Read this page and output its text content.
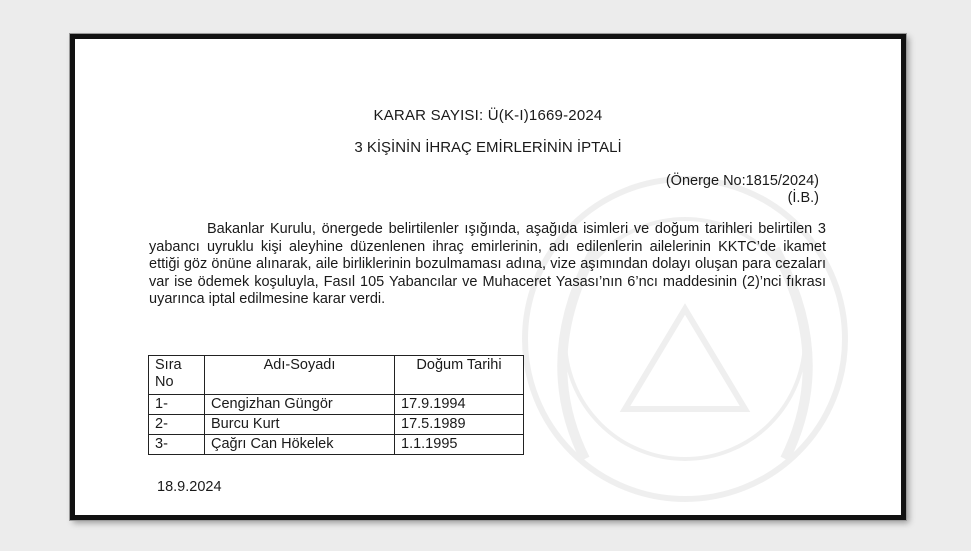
KARAR SAYISI: Ü(K-I)1669-2024
3 KİŞİNİN İHRAÇ EMİRLERİNİN İPTALİ
(Önerge No:1815/2024)
(İ.B.)
Bakanlar Kurulu, önergede belirtilenler ışığında, aşağıda isimleri ve doğum tarihleri belirtilen 3 yabancı uyruklu kişi aleyhine düzenlenen ihraç emirlerinin, adı edilenlerin ailelerinin KKTC’de ikamet ettiği göz önüne alınarak, aile birliklerinin bozulmaması adına, vize aşımından dolayı oluşan para cezaları var ise ödemek koşuluyla, Fasıl 105 Yabancılar ve Muhaceret Yasası’nın 6’ncı maddesinin (2)’nci fıkrası uyarınca iptal edilmesine karar verdi.
Sıra No	Adı-Soyadı	Doğum Tarihi
1-	Cengizhan Güngör	17.9.1994
2-	Burcu Kurt	17.5.1989
3-	Çağrı Can Hökelek	1.1.1995
18.9.2024
